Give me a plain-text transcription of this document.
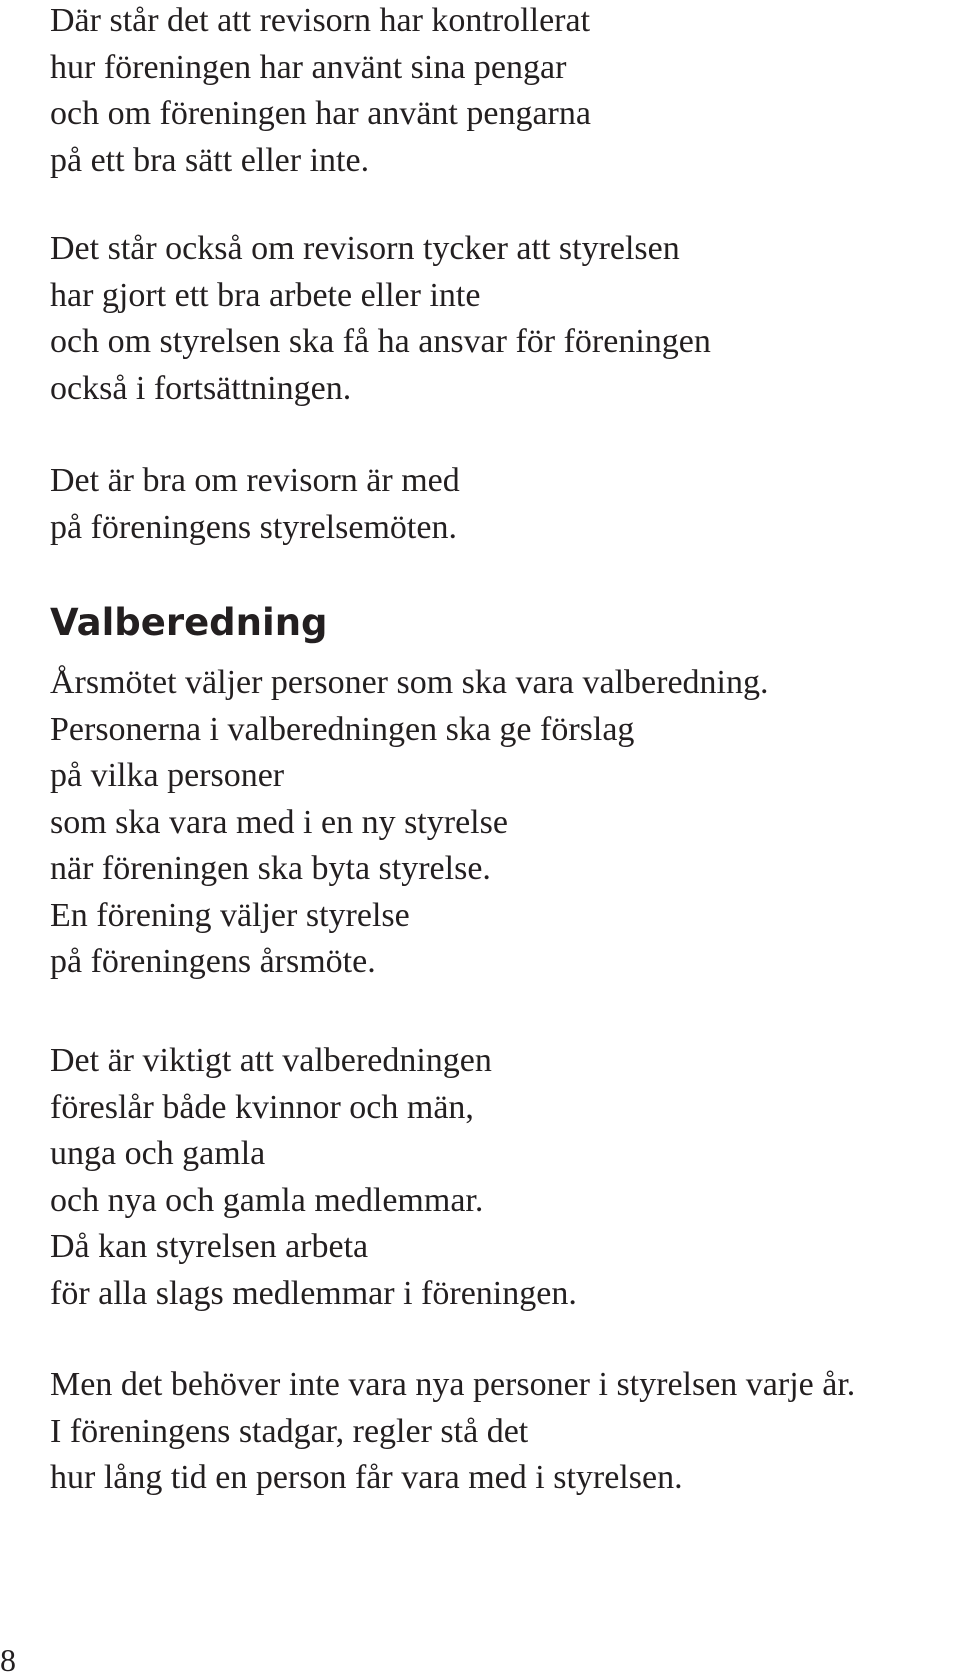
Där står det att revisorn har kontrollerat
hur föreningen har använt sina pengar
och om föreningen har använt pengarna
på ett bra sätt eller inte.

Det står också om revisorn tycker att styrelsen
har gjort ett bra arbete eller inte
och om styrelsen ska få ha ansvar för föreningen
också i fortsättningen.

Det är bra om revisorn är med
på föreningens styrelsemöten.

Valberedning

Årsmötet väljer personer som ska vara valberedning.
Personerna i valberedningen ska ge förslag
på vilka personer
som ska vara med i en ny styrelse
när föreningen ska byta styrelse.
En förening väljer styrelse
på föreningens årsmöte.

Det är viktigt att valberedningen
föreslår både kvinnor och män,
unga och gamla
och nya och gamla medlemmar.
Då kan styrelsen arbeta
för alla slags medlemmar i föreningen.

Men det behöver inte vara nya personer i styrelsen varje år.
I föreningens stadgar, regler stå det
hur lång tid en person får vara med i styrelsen.

8
